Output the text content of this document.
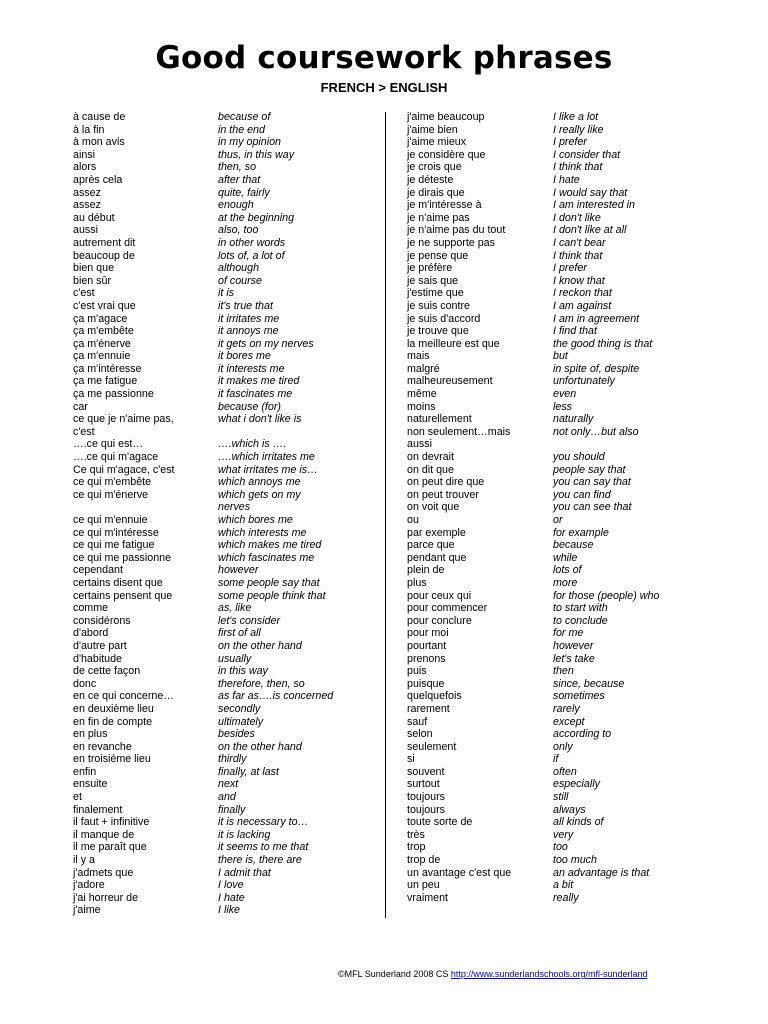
Good coursework phrases
FRENCH > ENGLISH
à cause de	because of
à la fin	in the end
à mon avis	in my opinion
ainsi	thus, in this way
alors	then, so
après cela	after that
assez	quite, fairly
assez	enough
au début	at the beginning
aussi	also, too
autrement dit	in other words
beaucoup de	lots of, a lot of
bien que	although
bien sûr	of course
c'est	it is
c'est vrai que	it's true that
ça m'agace	it irritates me
ça m'embête	it annoys me
ça m'énerve	it gets on my nerves
ça m'ennuie	it bores me
ça m'intéresse	it interests me
ça me fatigue	it makes me tired
ça me passionne	it fascinates me
car	because (for)
ce que je n'aime pas,	what i don't like is
c'est
….ce qui est…	….which is ….
….ce qui m'agace	….which irritates me
Ce qui m'agace, c'est	what irritates me is…
ce qui m'embête	which annoys me
ce qui m'énerve	which gets on my
nerves
ce qui m'ennuie	which bores me
ce qui m'intéresse	which interests me
ce qui me fatigue	which makes me tired
ce qui me passionne	which fascinates me
cependant	however
certains disent que	some people say that
certains pensent que	some people think that
comme	as, like
considérons	let's consider
d'abord	first of all
d'autre part	on the other hand
d'habitude	usually
de cette façon	in this way
donc	therefore, then, so
en ce qui concerne…	as far as….is concerned
en deuxième lieu	secondly
en fin de compte	ultimately
en plus	besides
en revanche	on the other hand
en troisiéme lieu	thirdly
enfin	finally, at last
ensuite	next
et	and
finalement	finally
il faut + infinitive	it is necessary to…
il manque de	it is lacking
il me paraît que	it seems to me that
il y a	there is, there are
j'admets que	I admit that
j'adore	I love
j'ai horreur de	I hate
j'aime	I like
j'aime beaucoup	I like a lot
j'aime bien	I really like
j'aime mieux	I prefer
je considère que	I consider that
je crois que	I think that
je déteste	I hate
je dirais que	I would say that
je m'intéresse à	I am interested in
je n'aime pas	I don't like
je n'aime pas du tout	I don't like at all
je ne supporte pas	I can't bear
je pense que	I think that
je préfère	I prefer
je sais que	I know that
j'estime que	I reckon that
je suis contre	I am against
je suis d'accord	I am in agreement
je trouve que	I find that
la meilleure est que	the good thing is that
mais	but
malgré	in spite of, despite
malheureusement	unfortunately
même	even
moins	less
naturellement	naturally
non seulement…mais	not only…but also
aussi
on devrait	you should
on dit que	people say that
on peut dire que	you can say that
on peut trouver	you can find
on voit que	you can see that
ou	or
par exemple	for example
parce que	because
pendant que	while
plein de	lots of
plus	more
pour ceux qui	for those (people) who
pour commencer	to start with
pour conclure	to conclude
pour moi	for me
pourtant	however
prenons	let's take
puis	then
puisque	since, because
quelquefois	sometimes
rarement	rarely
sauf	except
selon	according to
seulement	only
si	if
souvent	often
surtout	especially
toujours	still
toujours	always
toute sorte de	all kinds of
très	very
trop	too
trop de	too much
un avantage c'est que	an advantage is that
un peu	a bit
vraiment	really
©MFL Sunderland 2008 CS http://www.sunderlandschools.org/mfl-sunderland
